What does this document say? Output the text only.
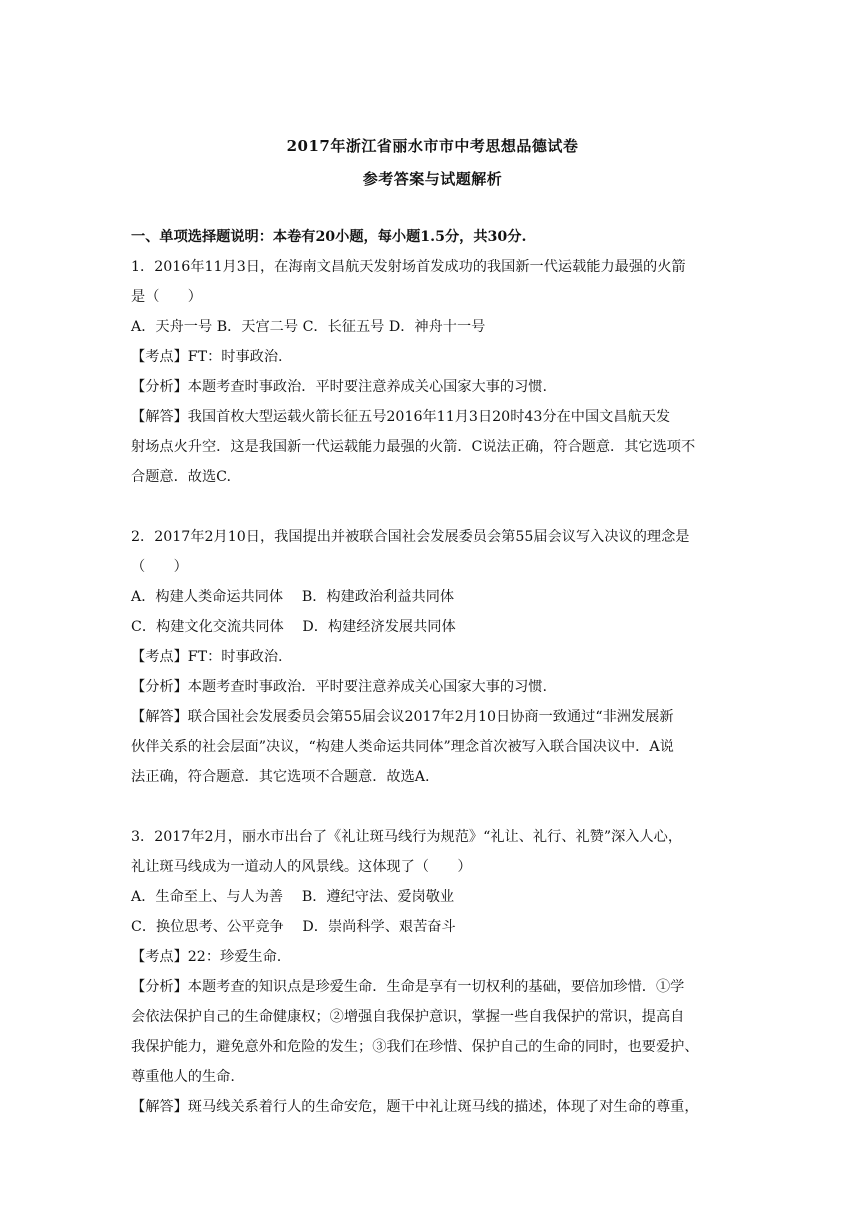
2017年浙江省丽水市市中考思想品德试卷
参考答案与试题解析
一、单项选择题说明：本卷有20小题，每小题1.5分，共30分.
1．2016年11月3日，在海南文昌航天发射场首发成功的我国新一代运载能力最强的火箭
是（　　）
A．天舟一号 B．天宫二号 C．长征五号 D．神舟十一号
【考点】FT：时事政治.
【分析】本题考查时事政治．平时要注意养成关心国家大事的习惯.
【解答】我国首枚大型运载火箭长征五号2016年11月3日20时43分在中国文昌航天发
射场点火升空．这是我国新一代运载能力最强的火箭．C说法正确，符合题意．其它选项不
合题意．故选C.
2．2017年2月10日，我国提出并被联合国社会发展委员会第55届会议写入决议的理念是
（　　）
A．构建人类命运共同体　 B．构建政治利益共同体
C．构建文化交流共同体　 D．构建经济发展共同体
【考点】FT：时事政治.
【分析】本题考查时事政治．平时要注意养成关心国家大事的习惯.
【解答】联合国社会发展委员会第55届会议2017年2月10日协商一致通过“非洲发展新
伙伴关系的社会层面”决议，“构建人类命运共同体”理念首次被写入联合国决议中．A说
法正确，符合题意．其它选项不合题意．故选A.
3．2017年2月，丽水市出台了《礼让斑马线行为规范》“礼让、礼行、礼赞”深入人心，
礼让斑马线成为一道动人的风景线。这体现了（　　）
A．生命至上、与人为善　 B．遵纪守法、爱岗敬业
C．换位思考、公平竞争　 D．崇尚科学、艰苦奋斗
【考点】22：珍爱生命.
【分析】本题考查的知识点是珍爱生命．生命是享有一切权利的基础，要倍加珍惜．①学
会依法保护自己的生命健康权；②增强自我保护意识，掌握一些自我保护的常识，提高自
我保护能力，避免意外和危险的发生；③我们在珍惜、保护自己的生命的同时，也要爱护、
尊重他人的生命.
【解答】斑马线关系着行人的生命安危，题干中礼让斑马线的描述，体现了对生命的尊重，
